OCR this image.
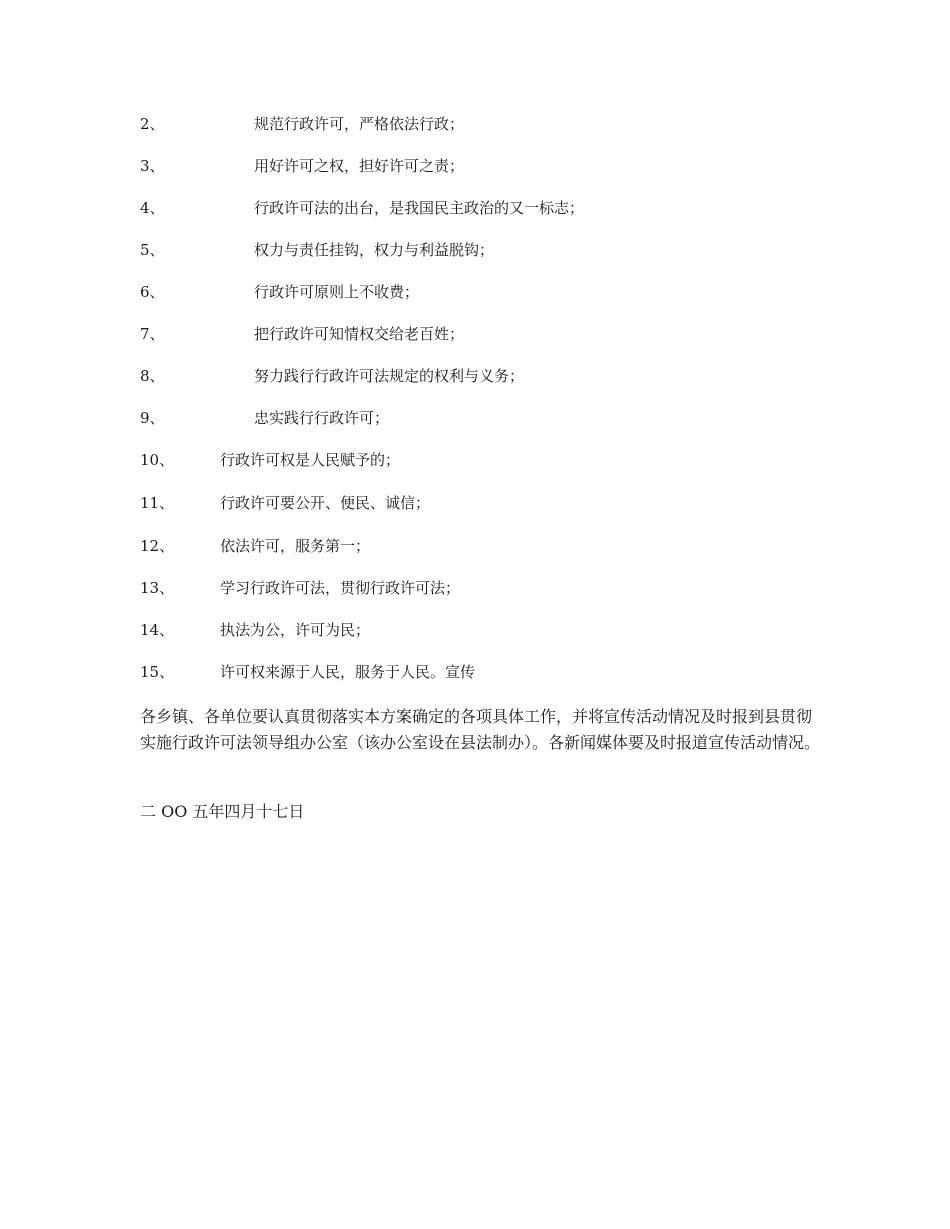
2、	规范行政许可，严格依法行政；
3、	用好许可之权，担好许可之责；
4、	行政许可法的出台，是我国民主政治的又一标志；
5、	权力与责任挂钩，权力与利益脱钩；
6、	行政许可原则上不收费；
7、	把行政许可知情权交给老百姓；
8、	努力践行行政许可法规定的权利与义务；
9、	忠实践行行政许可；
10、	行政许可权是人民赋予的；
11、	行政许可要公开、便民、诚信；
12、	依法许可，服务第一；
13、	学习行政许可法，贯彻行政许可法；
14、	执法为公，许可为民；
15、	许可权来源于人民，服务于人民。宣传

各乡镇、各单位要认真贯彻落实本方案确定的各项具体工作，并将宣传活动情况及时报到县贯彻实施行政许可法领导组办公室（该办公室设在县法制办）。各新闻媒体要及时报道宣传活动情况。

二 OO 五年四月十七日
